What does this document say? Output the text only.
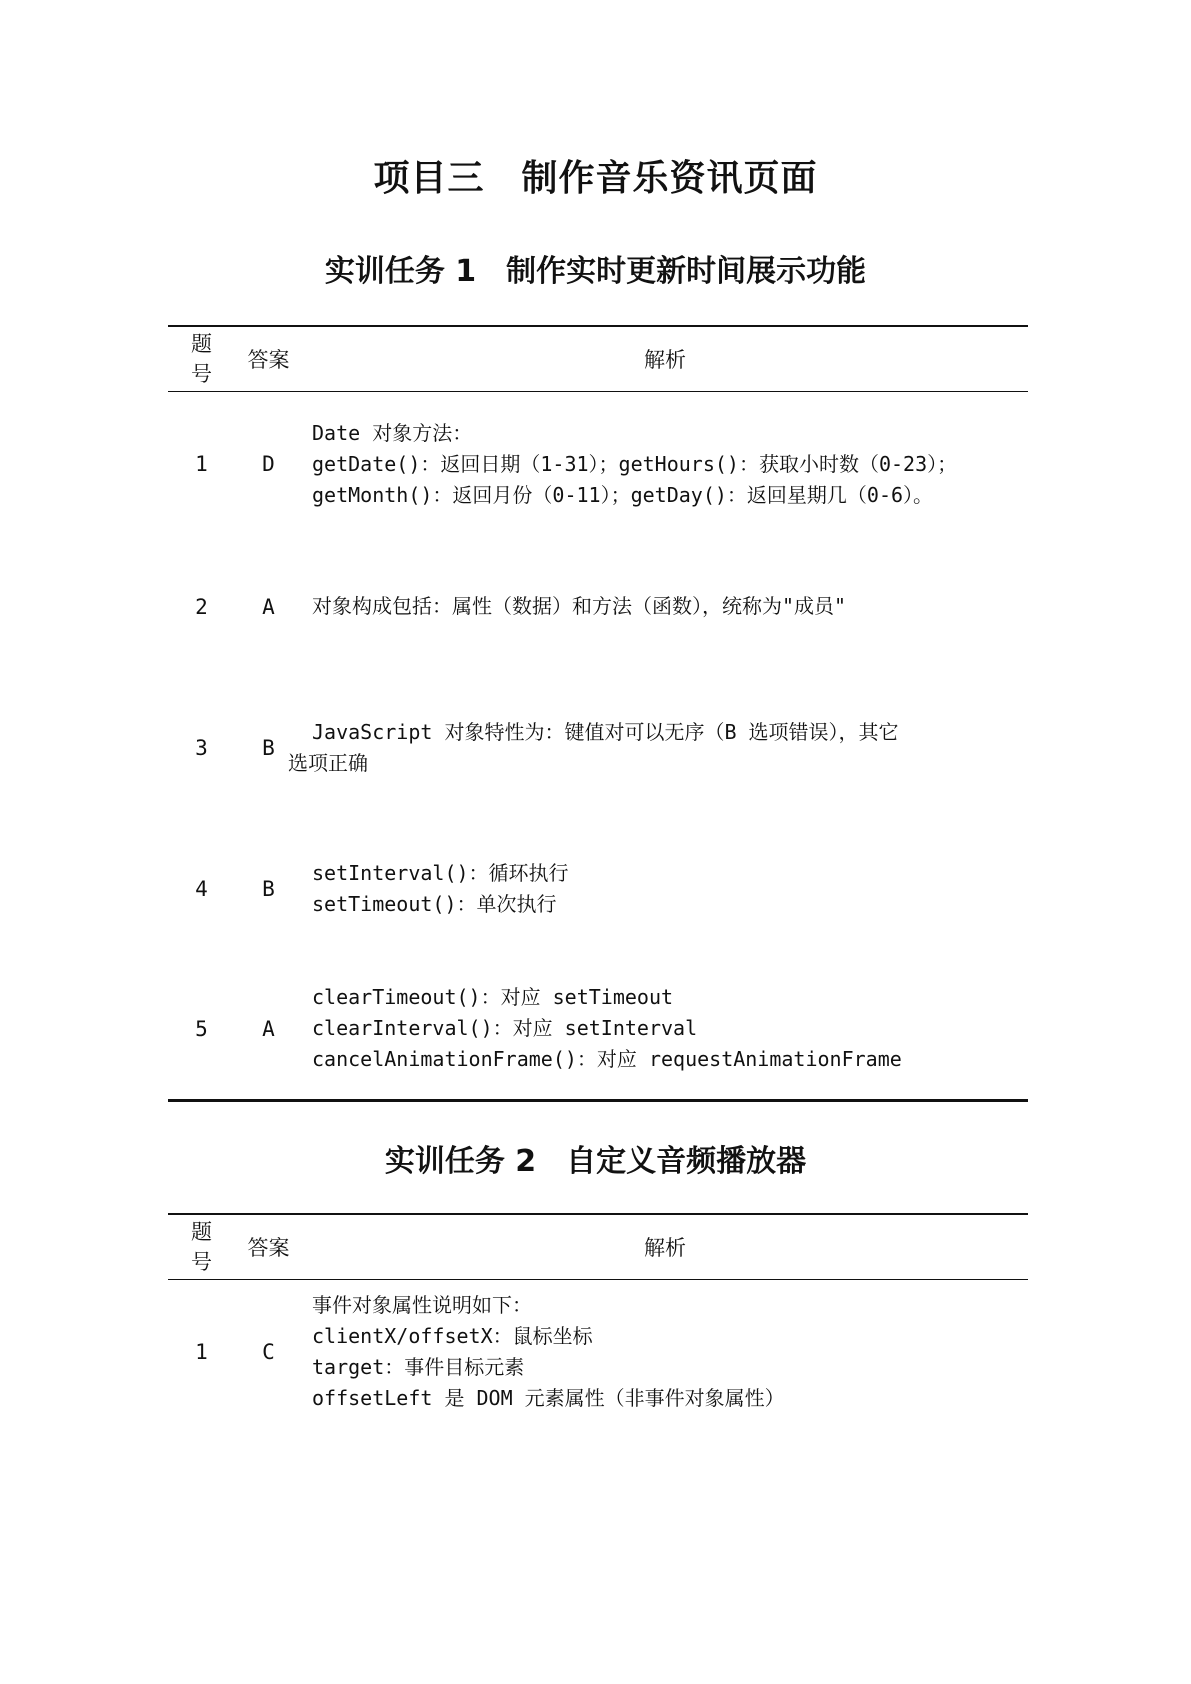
项目三　制作音乐资讯页面
实训任务 1　制作实时更新时间展示功能
题号	答案	解析
1	D	Date 对象方法：
getDate()：返回日期（1-31）；getHours()：获取小时数（0-23）；
getMonth()：返回月份（0-11）；getDay()：返回星期几（0-6）。

2	A	对象构成包括：属性（数据）和方法（函数），统称为"成员"

3	B	JavaScript 对象特性为：键值对可以无序（B 选项错误），其它
选项正确

4	B	setInterval()：循环执行
setTimeout()：单次执行

5	A	clearTimeout()：对应 setTimeout
clearInterval()：对应 setInterval
cancelAnimationFrame()：对应 requestAnimationFrame
实训任务 2　自定义音频播放器
题号	答案	解析
1	C	事件对象属性说明如下：
clientX/offsetX：鼠标坐标
target：事件目标元素
offsetLeft 是 DOM 元素属性（非事件对象属性）
